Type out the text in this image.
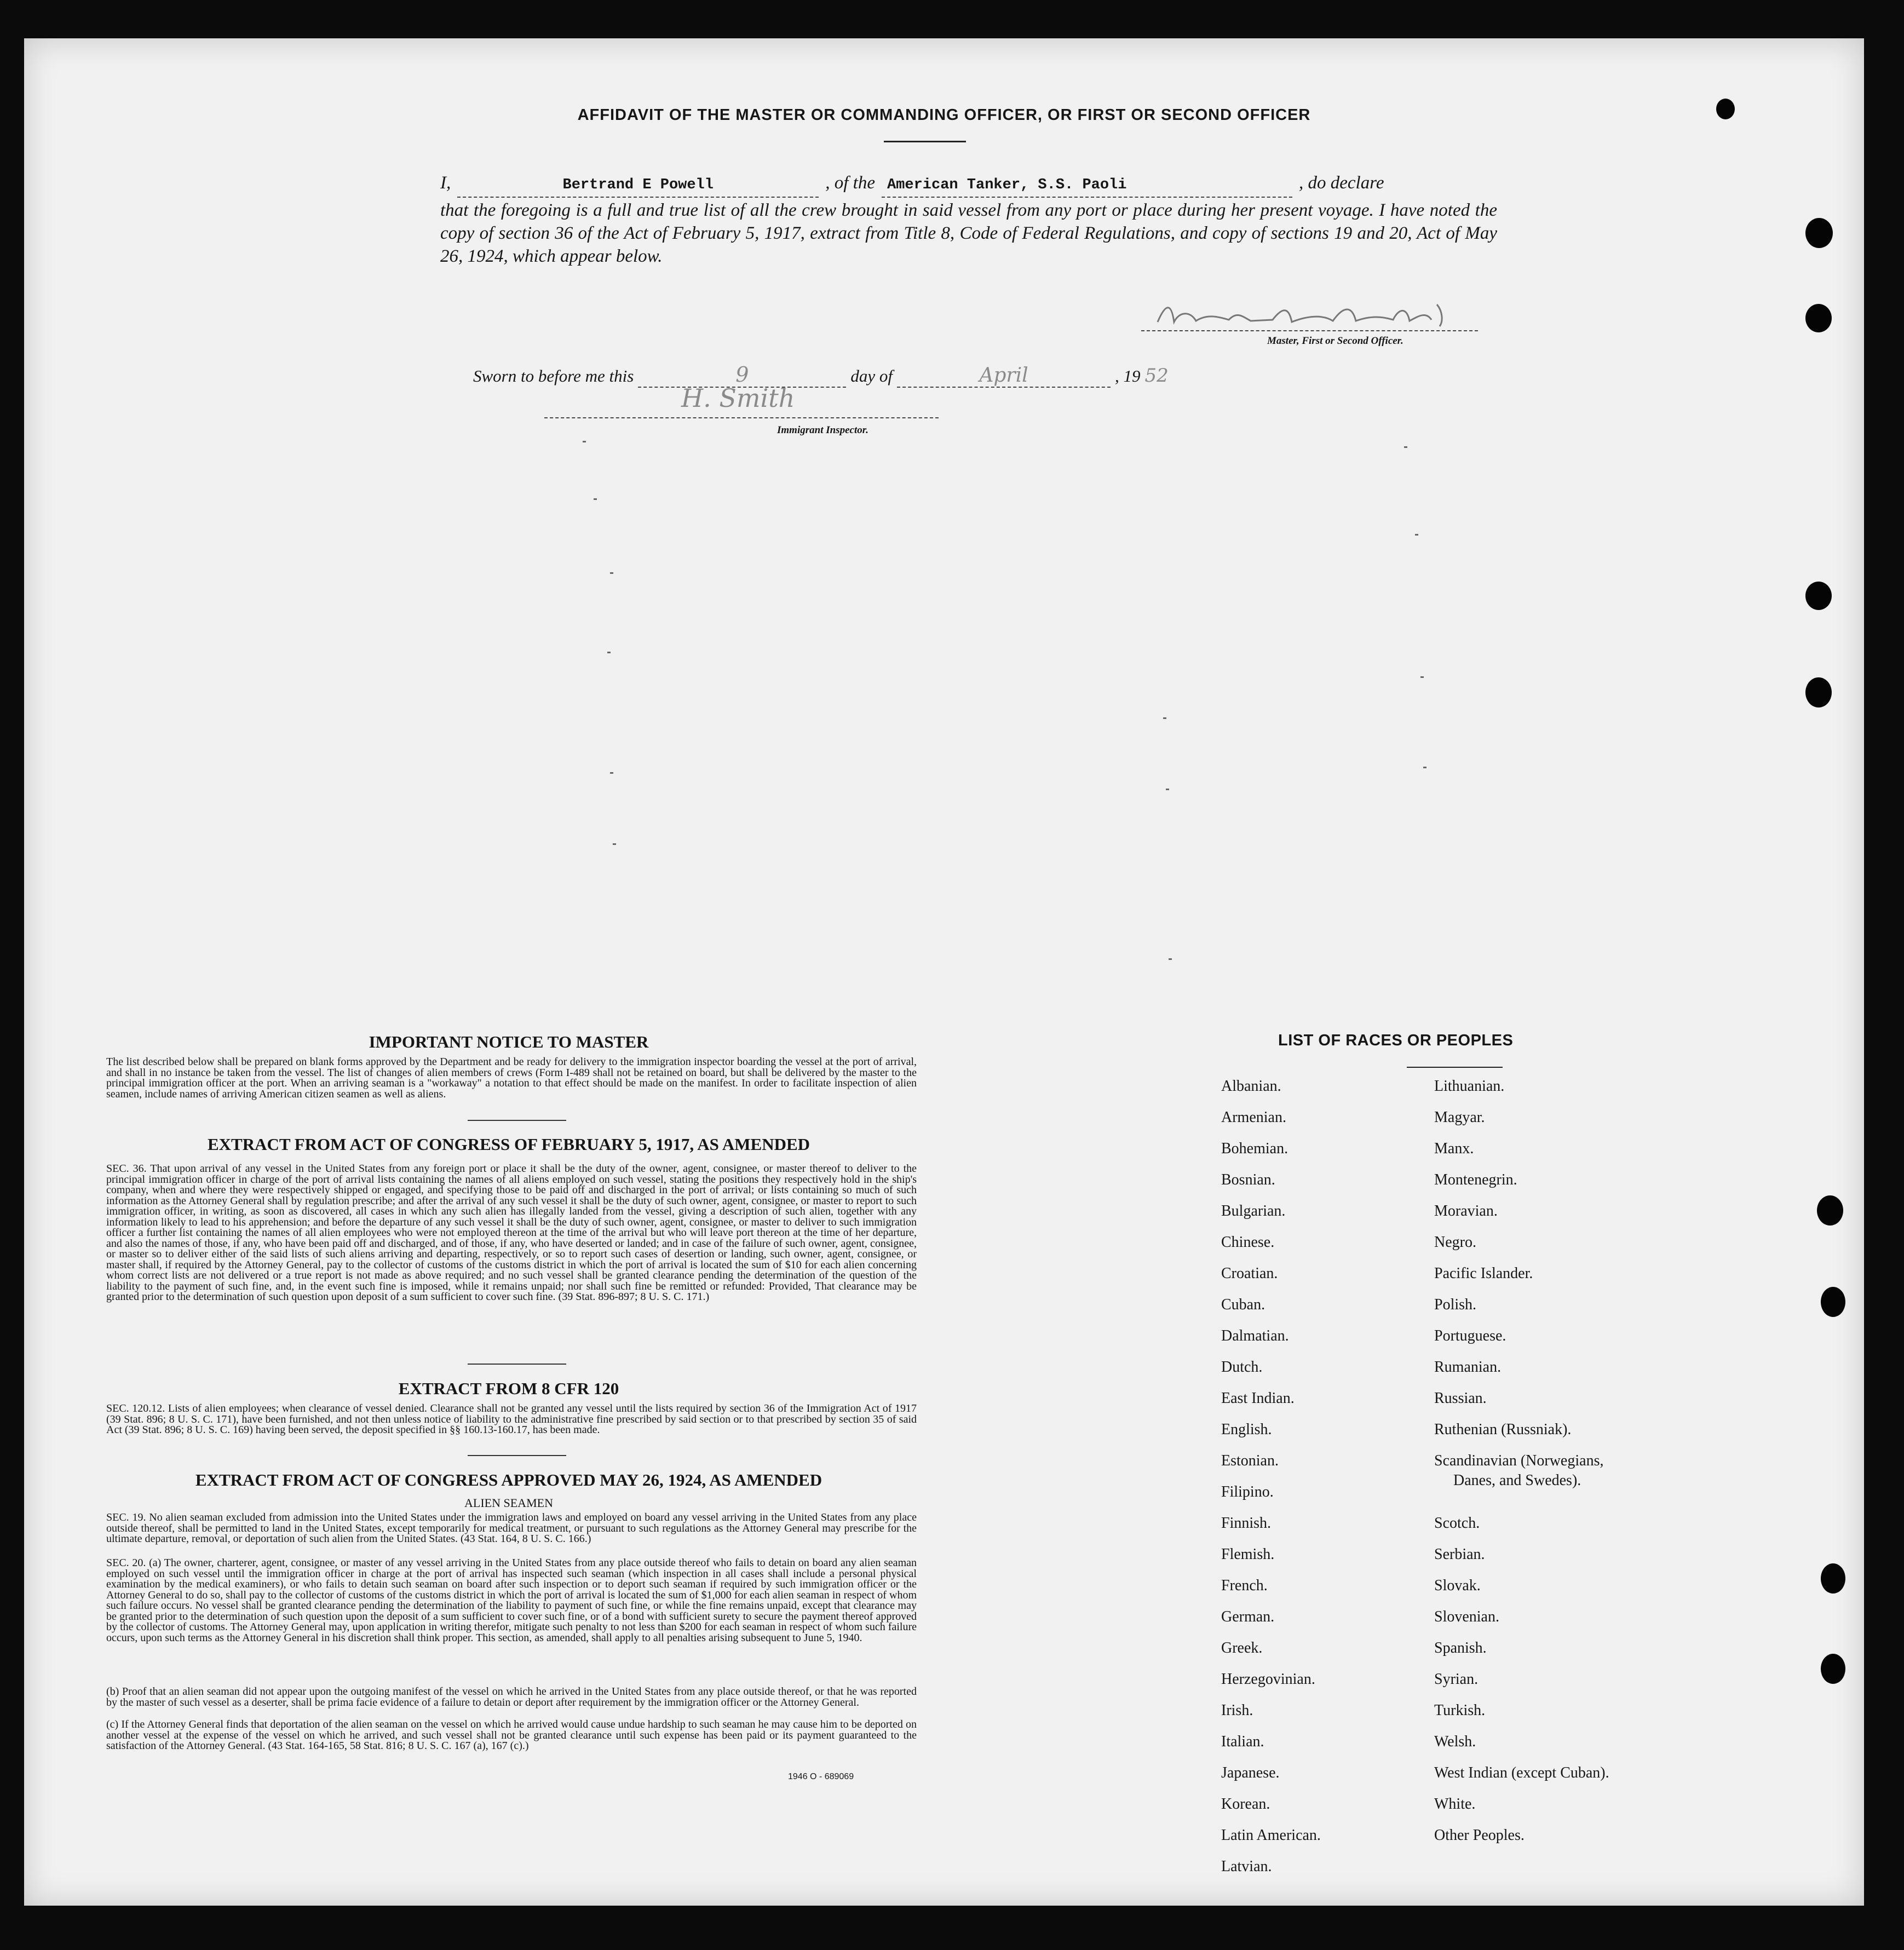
AFFIDAVIT OF THE MASTER OR COMMANDING OFFICER, OR FIRST OR SECOND OFFICER
I,	Bertrand E Powell	, of the American Tanker, S.S. Paoli	, do declare
that the foregoing is a full and true list of all the crew brought in said vessel from any port or place during her present voyage. I have noted the copy of section 36 of the Act of February 5, 1917, extract from Title 8, Code of Federal Regulations, and copy of sections 19 and 20, Act of May 26, 1924, which appear below.
Master, First or Second Officer.
Sworn to before me this	9	day of	April	, 19 52
H. Smith
Immigrant Inspector.
IMPORTANT NOTICE TO MASTER
The list described below shall be prepared on blank forms approved by the Department and be ready for delivery to the immigration inspector boarding the vessel at the port of arrival, and shall in no instance be taken from the vessel. The list of changes of alien members of crews (Form I-489 shall not be retained on board, but shall be delivered by the master to the principal immigration officer at the port. When an arriving seaman is a "workaway" a notation to that effect should be made on the manifest. In order to facilitate inspection of alien seamen, include names of arriving American citizen seamen as well as aliens.
EXTRACT FROM ACT OF CONGRESS OF FEBRUARY 5, 1917, AS AMENDED
SEC. 36. That upon arrival of any vessel in the United States from any foreign port or place it shall be the duty of the owner, agent, consignee, or master thereof to deliver to the principal immigration officer in charge of the port of arrival lists containing the names of all aliens employed on such vessel, stating the positions they respectively hold in the ship's company, when and where they were respectively shipped or engaged, and specifying those to be paid off and discharged in the port of arrival; or lists containing so much of such information as the Attorney General shall by regulation prescribe; and after the arrival of any such vessel it shall be the duty of such owner, agent, consignee, or master to report to such immigration officer, in writing, as soon as discovered, all cases in which any such alien has illegally landed from the vessel, giving a description of such alien, together with any information likely to lead to his apprehension; and before the departure of any such vessel it shall be the duty of such owner, agent, consignee, or master to deliver to such immigration officer a further list containing the names of all alien employees who were not employed thereon at the time of the arrival but who will leave port thereon at the time of her departure, and also the names of those, if any, who have been paid off and discharged, and of those, if any, who have deserted or landed; and in case of the failure of such owner, agent, consignee, or master so to deliver either of the said lists of such aliens arriving and departing, respectively, or so to report such cases of desertion or landing, such owner, agent, consignee, or master shall, if required by the Attorney General, pay to the collector of customs of the customs district in which the port of arrival is located the sum of $10 for each alien concerning whom correct lists are not delivered or a true report is not made as above required; and no such vessel shall be granted clearance pending the determination of the question of the liability to the payment of such fine, and, in the event such fine is imposed, while it remains unpaid; nor shall such fine be remitted or refunded: Provided, That clearance may be granted prior to the determination of such question upon deposit of a sum sufficient to cover such fine. (39 Stat. 896-897; 8 U. S. C. 171.)
EXTRACT FROM 8 CFR 120
SEC. 120.12. Lists of alien employees; when clearance of vessel denied. Clearance shall not be granted any vessel until the lists required by section 36 of the Immigration Act of 1917 (39 Stat. 896; 8 U. S. C. 171), have been furnished, and not then unless notice of liability to the administrative fine prescribed by said section or to that prescribed by section 35 of said Act (39 Stat. 896; 8 U. S. C. 169) having been served, the deposit specified in §§ 160.13-160.17, has been made.
EXTRACT FROM ACT OF CONGRESS APPROVED MAY 26, 1924, AS AMENDED
ALIEN SEAMEN
SEC. 19. No alien seaman excluded from admission into the United States under the immigration laws and employed on board any vessel arriving in the United States from any place outside thereof, shall be permitted to land in the United States, except temporarily for medical treatment, or pursuant to such regulations as the Attorney General may prescribe for the ultimate departure, removal, or deportation of such alien from the United States. (43 Stat. 164, 8 U. S. C. 166.)
SEC. 20. (a) The owner, charterer, agent, consignee, or master of any vessel arriving in the United States from any place outside thereof who fails to detain on board any alien seaman employed on such vessel until the immigration officer in charge at the port of arrival has inspected such seaman (which inspection in all cases shall include a personal physical examination by the medical examiners), or who fails to detain such seaman on board after such inspection or to deport such seaman if required by such immigration officer or the Attorney General to do so, shall pay to the collector of customs of the customs district in which the port of arrival is located the sum of $1,000 for each alien seaman in respect of whom such failure occurs. No vessel shall be granted clearance pending the determination of the liability to payment of such fine, or while the fine remains unpaid, except that clearance may be granted prior to the determination of such question upon the deposit of a sum sufficient to cover such fine, or of a bond with sufficient surety to secure the payment thereof approved by the collector of customs. The Attorney General may, upon application in writing therefor, mitigate such penalty to not less than $200 for each seaman in respect of whom such failure occurs, upon such terms as the Attorney General in his discretion shall think proper. This section, as amended, shall apply to all penalties arising subsequent to June 5, 1940.
(b) Proof that an alien seaman did not appear upon the outgoing manifest of the vessel on which he arrived in the United States from any place outside thereof, or that he was reported by the master of such vessel as a deserter, shall be prima facie evidence of a failure to detain or deport after requirement by the immigration officer or the Attorney General.
(c) If the Attorney General finds that deportation of the alien seaman on the vessel on which he arrived would cause undue hardship to such seaman he may cause him to be deported on another vessel at the expense of the vessel on which he arrived, and such vessel shall not be granted clearance until such expense has been paid or its payment guaranteed to the satisfaction of the Attorney General. (43 Stat. 164-165, 58 Stat. 816; 8 U. S. C. 167 (a), 167 (c).)
1946 O - 689069
LIST OF RACES OR PEOPLES
Albanian.
Armenian.
Bohemian.
Bosnian.
Bulgarian.
Chinese.
Croatian.
Cuban.
Dalmatian.
Dutch.
East Indian.
English.
Estonian.
Filipino.
Finnish.
Flemish.
French.
German.
Greek.
Herzegovinian.
Irish.
Italian.
Japanese.
Korean.
Latin American.
Latvian.
Lithuanian.
Magyar.
Manx.
Montenegrin.
Moravian.
Negro.
Pacific Islander.
Polish.
Portuguese.
Rumanian.
Russian.
Ruthenian (Russniak).
Scandinavian (Norwegians,
Danes, and Swedes).
Scotch.
Serbian.
Slovak.
Slovenian.
Spanish.
Syrian.
Turkish.
Welsh.
West Indian (except Cuban).
White.
Other Peoples.
